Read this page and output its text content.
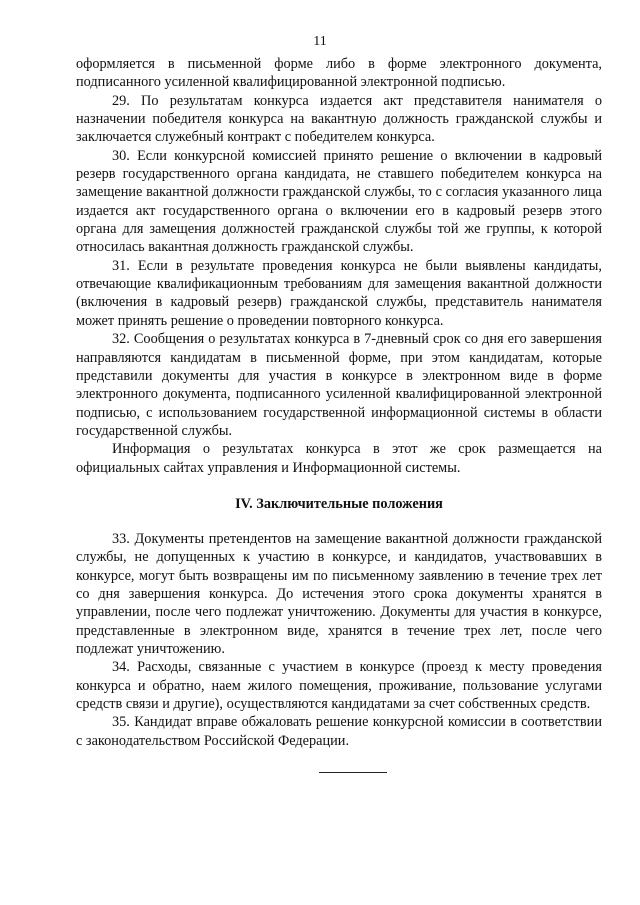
11

оформляется в письменной форме либо в форме электронного документа, подписанного усиленной квалифицированной электронной подписью.

29. По результатам конкурса издается акт представителя нанимателя о назначении победителя конкурса на вакантную должность гражданской службы и заключается служебный контракт с победителем конкурса.

30. Если конкурсной комиссией принято решение о включении в кадровый резерв государственного органа кандидата, не ставшего победителем конкурса на замещение вакантной должности гражданской службы, то с согласия указанного лица издается акт государственного органа о включении его в кадровый резерв этого органа для замещения должностей гражданской службы той же группы, к которой относилась вакантная должность гражданской службы.

31. Если в результате проведения конкурса не были выявлены кандидаты, отвечающие квалификационным требованиям для замещения вакантной должности (включения в кадровый резерв) гражданской службы, представитель нанимателя может принять решение о проведении повторного конкурса.

32. Сообщения о результатах конкурса в 7-дневный срок со дня его завершения направляются кандидатам в письменной форме, при этом кандидатам, которые представили документы для участия в конкурсе в электронном виде в форме электронного документа, подписанного усиленной квалифицированной электронной подписью, с использованием государственной информационной системы в области государственной службы.

Информация о результатах конкурса в этот же срок размещается на официальных сайтах управления и Информационной системы.

IV. Заключительные положения

33. Документы претендентов на замещение вакантной должности гражданской службы, не допущенных к участию в конкурсе, и кандидатов, участвовавших в конкурсе, могут быть возвращены им по письменному заявлению в течение трех лет со дня завершения конкурса. До истечения этого срока документы хранятся в управлении, после чего подлежат уничтожению. Документы для участия в конкурсе, представленные в электронном виде, хранятся в течение трех лет, после чего подлежат уничтожению.

34. Расходы, связанные с участием в конкурсе (проезд к месту проведения конкурса и обратно, наем жилого помещения, проживание, пользование услугами средств связи и другие), осуществляются кандидатами за счет собственных средств.

35. Кандидат вправе обжаловать решение конкурсной комиссии в соответствии с законодательством Российской Федерации.
